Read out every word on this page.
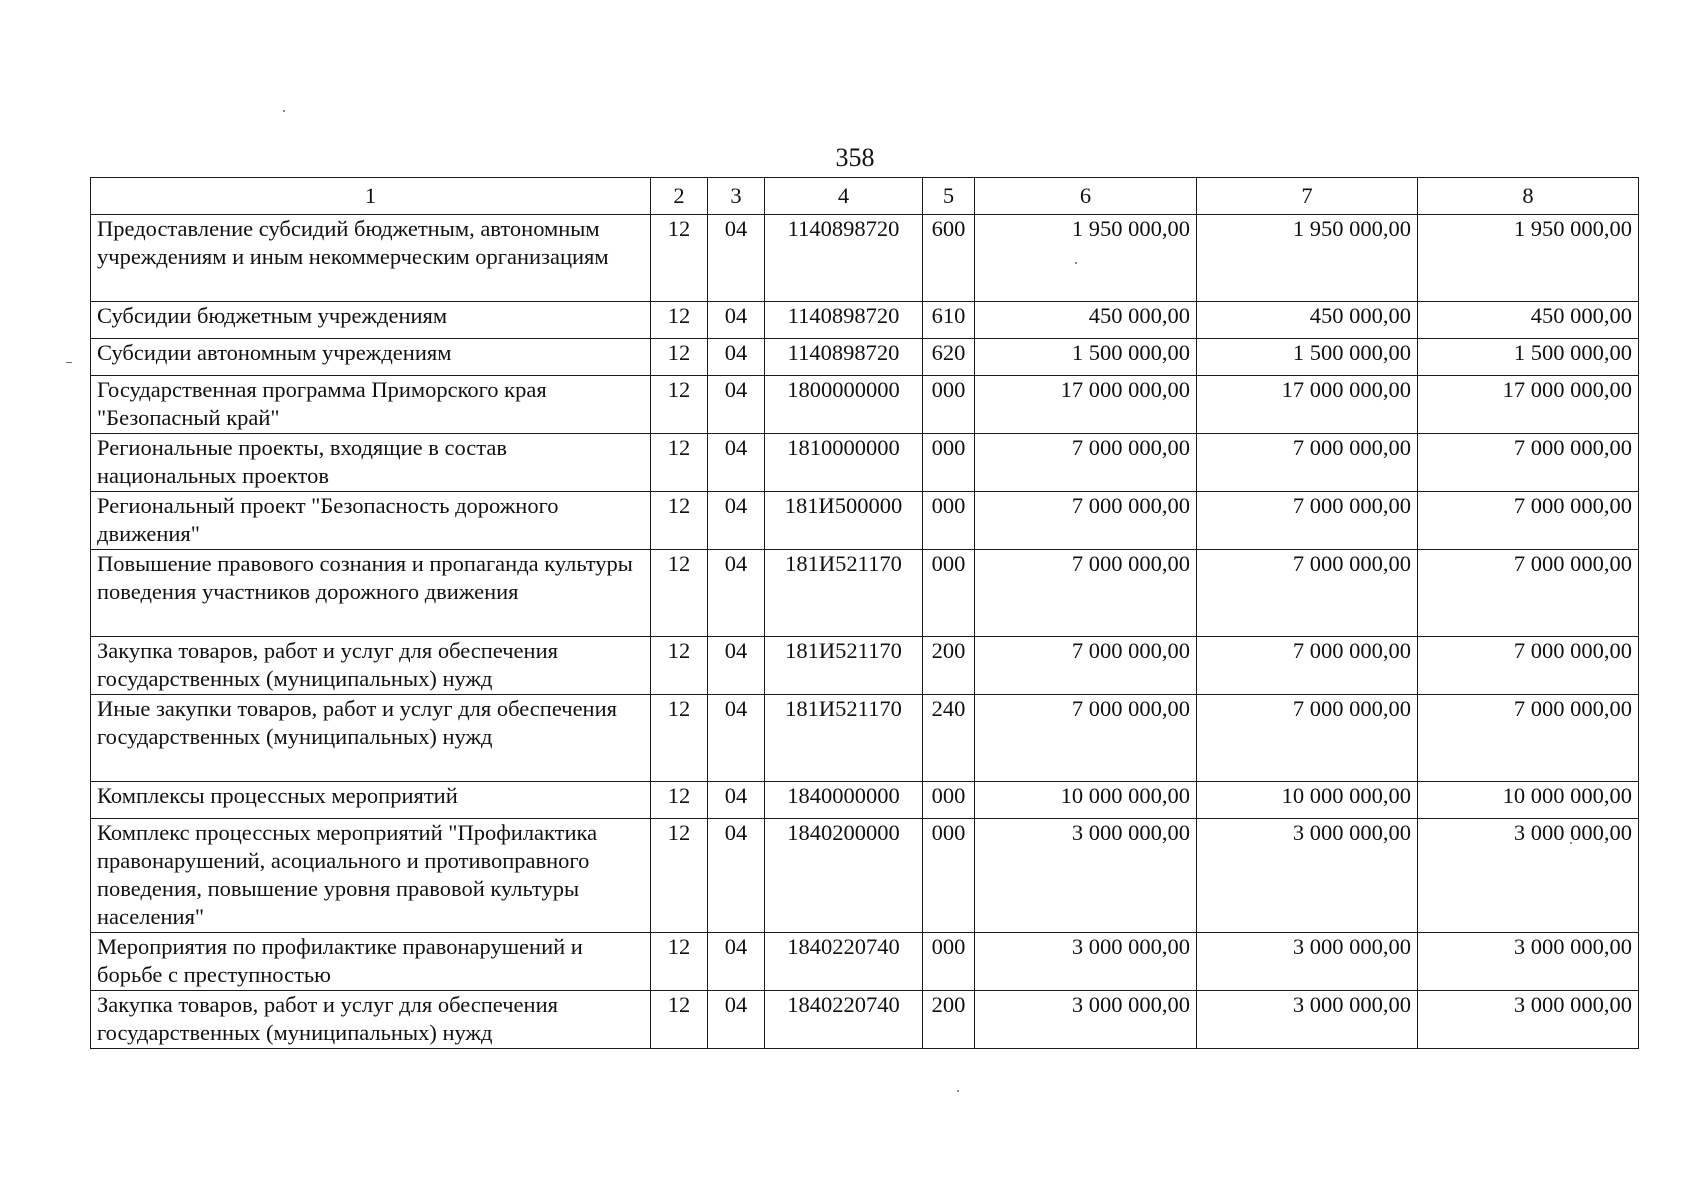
358
1	2	3	4	5	6	7	8
Предоставление субсидий бюджетным, автономным учреждениям и иным некоммерческим организациям	12	04	1140898720	600	1 950 000,00	1 950 000,00	1 950 000,00
Субсидии бюджетным учреждениям	12	04	1140898720	610	450 000,00	450 000,00	450 000,00
Субсидии автономным учреждениям	12	04	1140898720	620	1 500 000,00	1 500 000,00	1 500 000,00
Государственная программа Приморского края "Безопасный край"	12	04	1800000000	000	17 000 000,00	17 000 000,00	17 000 000,00
Региональные проекты, входящие в состав национальных проектов	12	04	1810000000	000	7 000 000,00	7 000 000,00	7 000 000,00
Региональный проект "Безопасность дорожного движения"	12	04	181И500000	000	7 000 000,00	7 000 000,00	7 000 000,00
Повышение правового сознания и пропаганда культуры поведения участников дорожного движения	12	04	181И521170	000	7 000 000,00	7 000 000,00	7 000 000,00
Закупка товаров, работ и услуг для обеспечения государственных (муниципальных) нужд	12	04	181И521170	200	7 000 000,00	7 000 000,00	7 000 000,00
Иные закупки товаров, работ и услуг для обеспечения государственных (муниципальных) нужд	12	04	181И521170	240	7 000 000,00	7 000 000,00	7 000 000,00
Комплексы процессных мероприятий	12	04	1840000000	000	10 000 000,00	10 000 000,00	10 000 000,00
Комплекс процессных мероприятий "Профилактика правонарушений, асоциального и противоправного поведения, повышение уровня правовой культуры населения"	12	04	1840200000	000	3 000 000,00	3 000 000,00	3 000 000,00
Мероприятия по профилактике правонарушений и борьбе с преступностью	12	04	1840220740	000	3 000 000,00	3 000 000,00	3 000 000,00
Закупка товаров, работ и услуг для обеспечения государственных (муниципальных) нужд	12	04	1840220740	200	3 000 000,00	3 000 000,00	3 000 000,00
